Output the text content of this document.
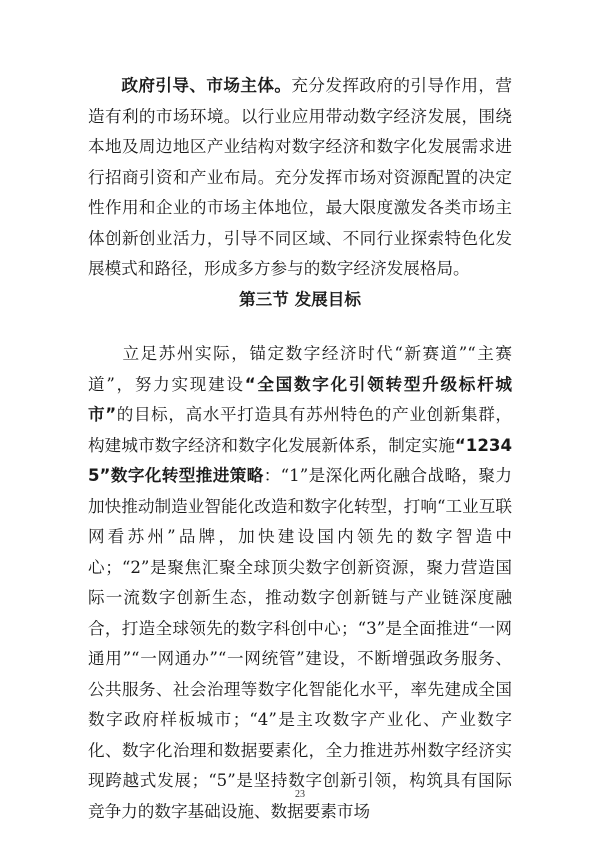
政府引导、市场主体。充分发挥政府的引导作用，营造有利的市场环境。以行业应用带动数字经济发展，围绕本地及周边地区产业结构对数字经济和数字化发展需求进行招商引资和产业布局。充分发挥市场对资源配置的决定性作用和企业的市场主体地位，最大限度激发各类市场主体创新创业活力，引导不同区域、不同行业探索特色化发展模式和路径，形成多方参与的数字经济发展格局。

第三节 发展目标

立足苏州实际，锚定数字经济时代“新赛道”“主赛道”，努力实现建设“全国数字化引领转型升级标杆城市”的目标，高水平打造具有苏州特色的产业创新集群，构建城市数字经济和数字化发展新体系，制定实施“12345”数字化转型推进策略：“1”是深化两化融合战略，聚力加快推动制造业智能化改造和数字化转型，打响“工业互联网看苏州”品牌，加快建设国内领先的数字智造中心；“2”是聚焦汇聚全球顶尖数字创新资源，聚力营造国际一流数字创新生态，推动数字创新链与产业链深度融合，打造全球领先的数字科创中心；“3”是全面推进“一网通用”“一网通办”“一网统管”建设，不断增强政务服务、公共服务、社会治理等数字化智能化水平，率先建成全国数字政府样板城市；“4”是主攻数字产业化、产业数字化、数字化治理和数据要素化，全力推进苏州数字经济实现跨越式发展；“5”是坚持数字创新引领，构筑具有国际竞争力的数字基础设施、数据要素市场

23
